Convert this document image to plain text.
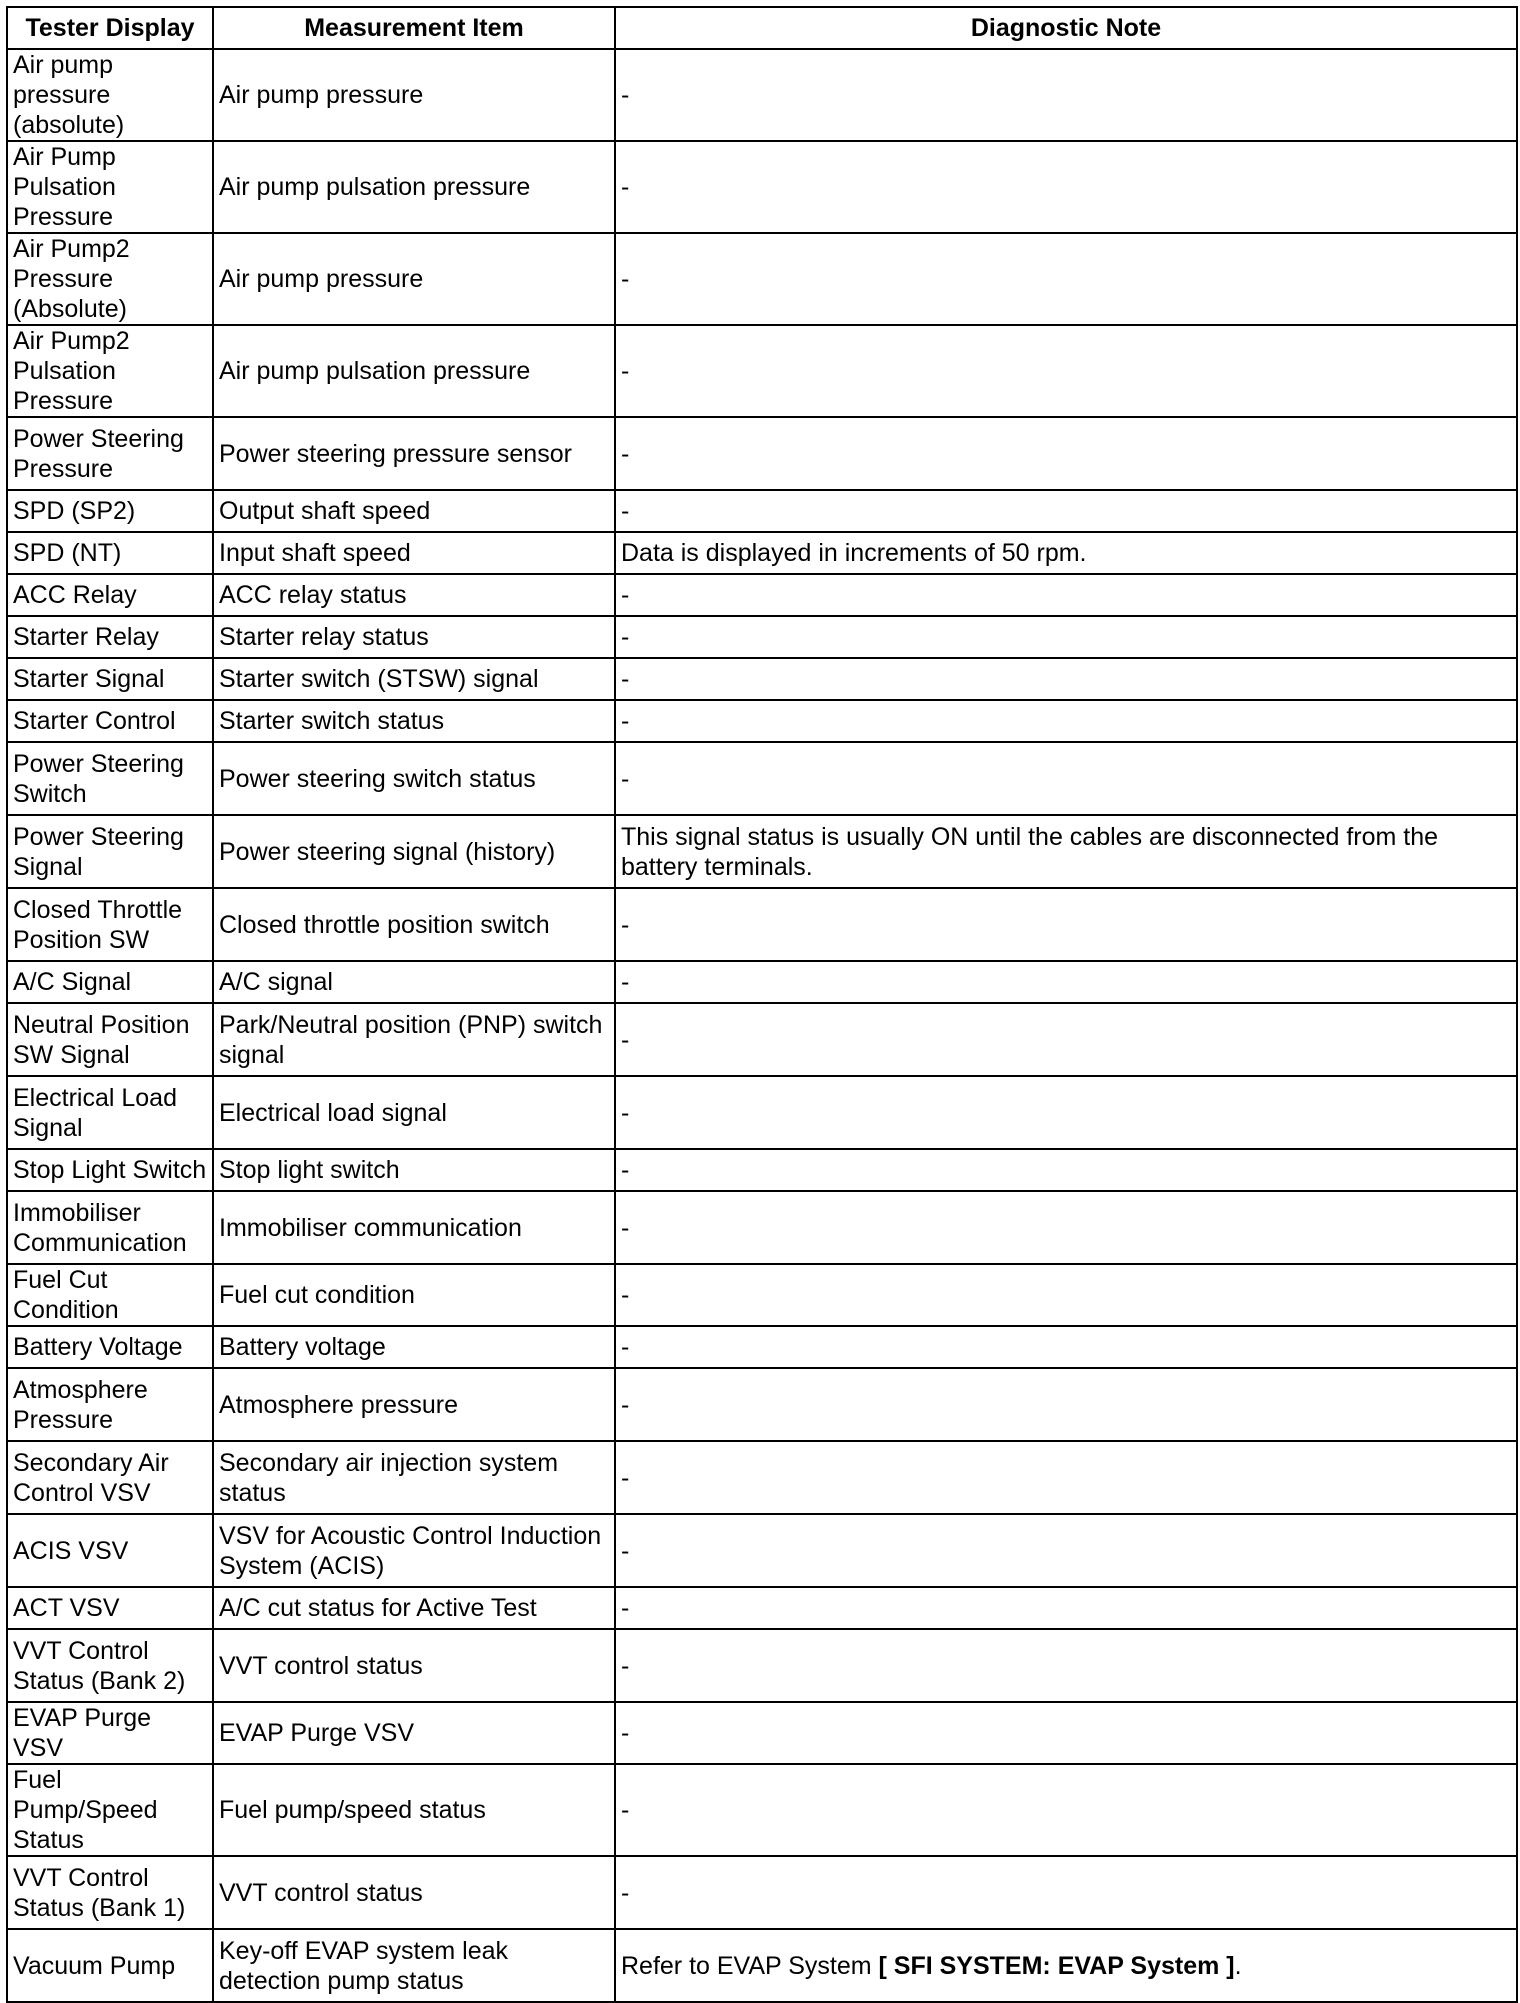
Tester Display	Measurement Item	Diagnostic Note
Air pump pressure (absolute)	Air pump pressure	-
Air Pump Pulsation Pressure	Air pump pulsation pressure	-
Air Pump2 Pressure (Absolute)	Air pump pressure	-
Air Pump2 Pulsation Pressure	Air pump pulsation pressure	-
Power Steering Pressure	Power steering pressure sensor	-
SPD (SP2)	Output shaft speed	-
SPD (NT)	Input shaft speed	Data is displayed in increments of 50 rpm.
ACC Relay	ACC relay status	-
Starter Relay	Starter relay status	-
Starter Signal	Starter switch (STSW) signal	-
Starter Control	Starter switch status	-
Power Steering Switch	Power steering switch status	-
Power Steering Signal	Power steering signal (history)	This signal status is usually ON until the cables are disconnected from the battery terminals.
Closed Throttle Position SW	Closed throttle position switch	-
A/C Signal	A/C signal	-
Neutral Position SW Signal	Park/Neutral position (PNP) switch signal	-
Electrical Load Signal	Electrical load signal	-
Stop Light Switch	Stop light switch	-
Immobiliser Communication	Immobiliser communication	-
Fuel Cut Condition	Fuel cut condition	-
Battery Voltage	Battery voltage	-
Atmosphere Pressure	Atmosphere pressure	-
Secondary Air Control VSV	Secondary air injection system status	-
ACIS VSV	VSV for Acoustic Control Induction System (ACIS)	-
ACT VSV	A/C cut status for Active Test	-
VVT Control Status (Bank 2)	VVT control status	-
EVAP Purge VSV	EVAP Purge VSV	-
Fuel Pump/Speed Status	Fuel pump/speed status	-
VVT Control Status (Bank 1)	VVT control status	-
Vacuum Pump	Key-off EVAP system leak detection pump status	Refer to EVAP System [ SFI SYSTEM: EVAP System ].
